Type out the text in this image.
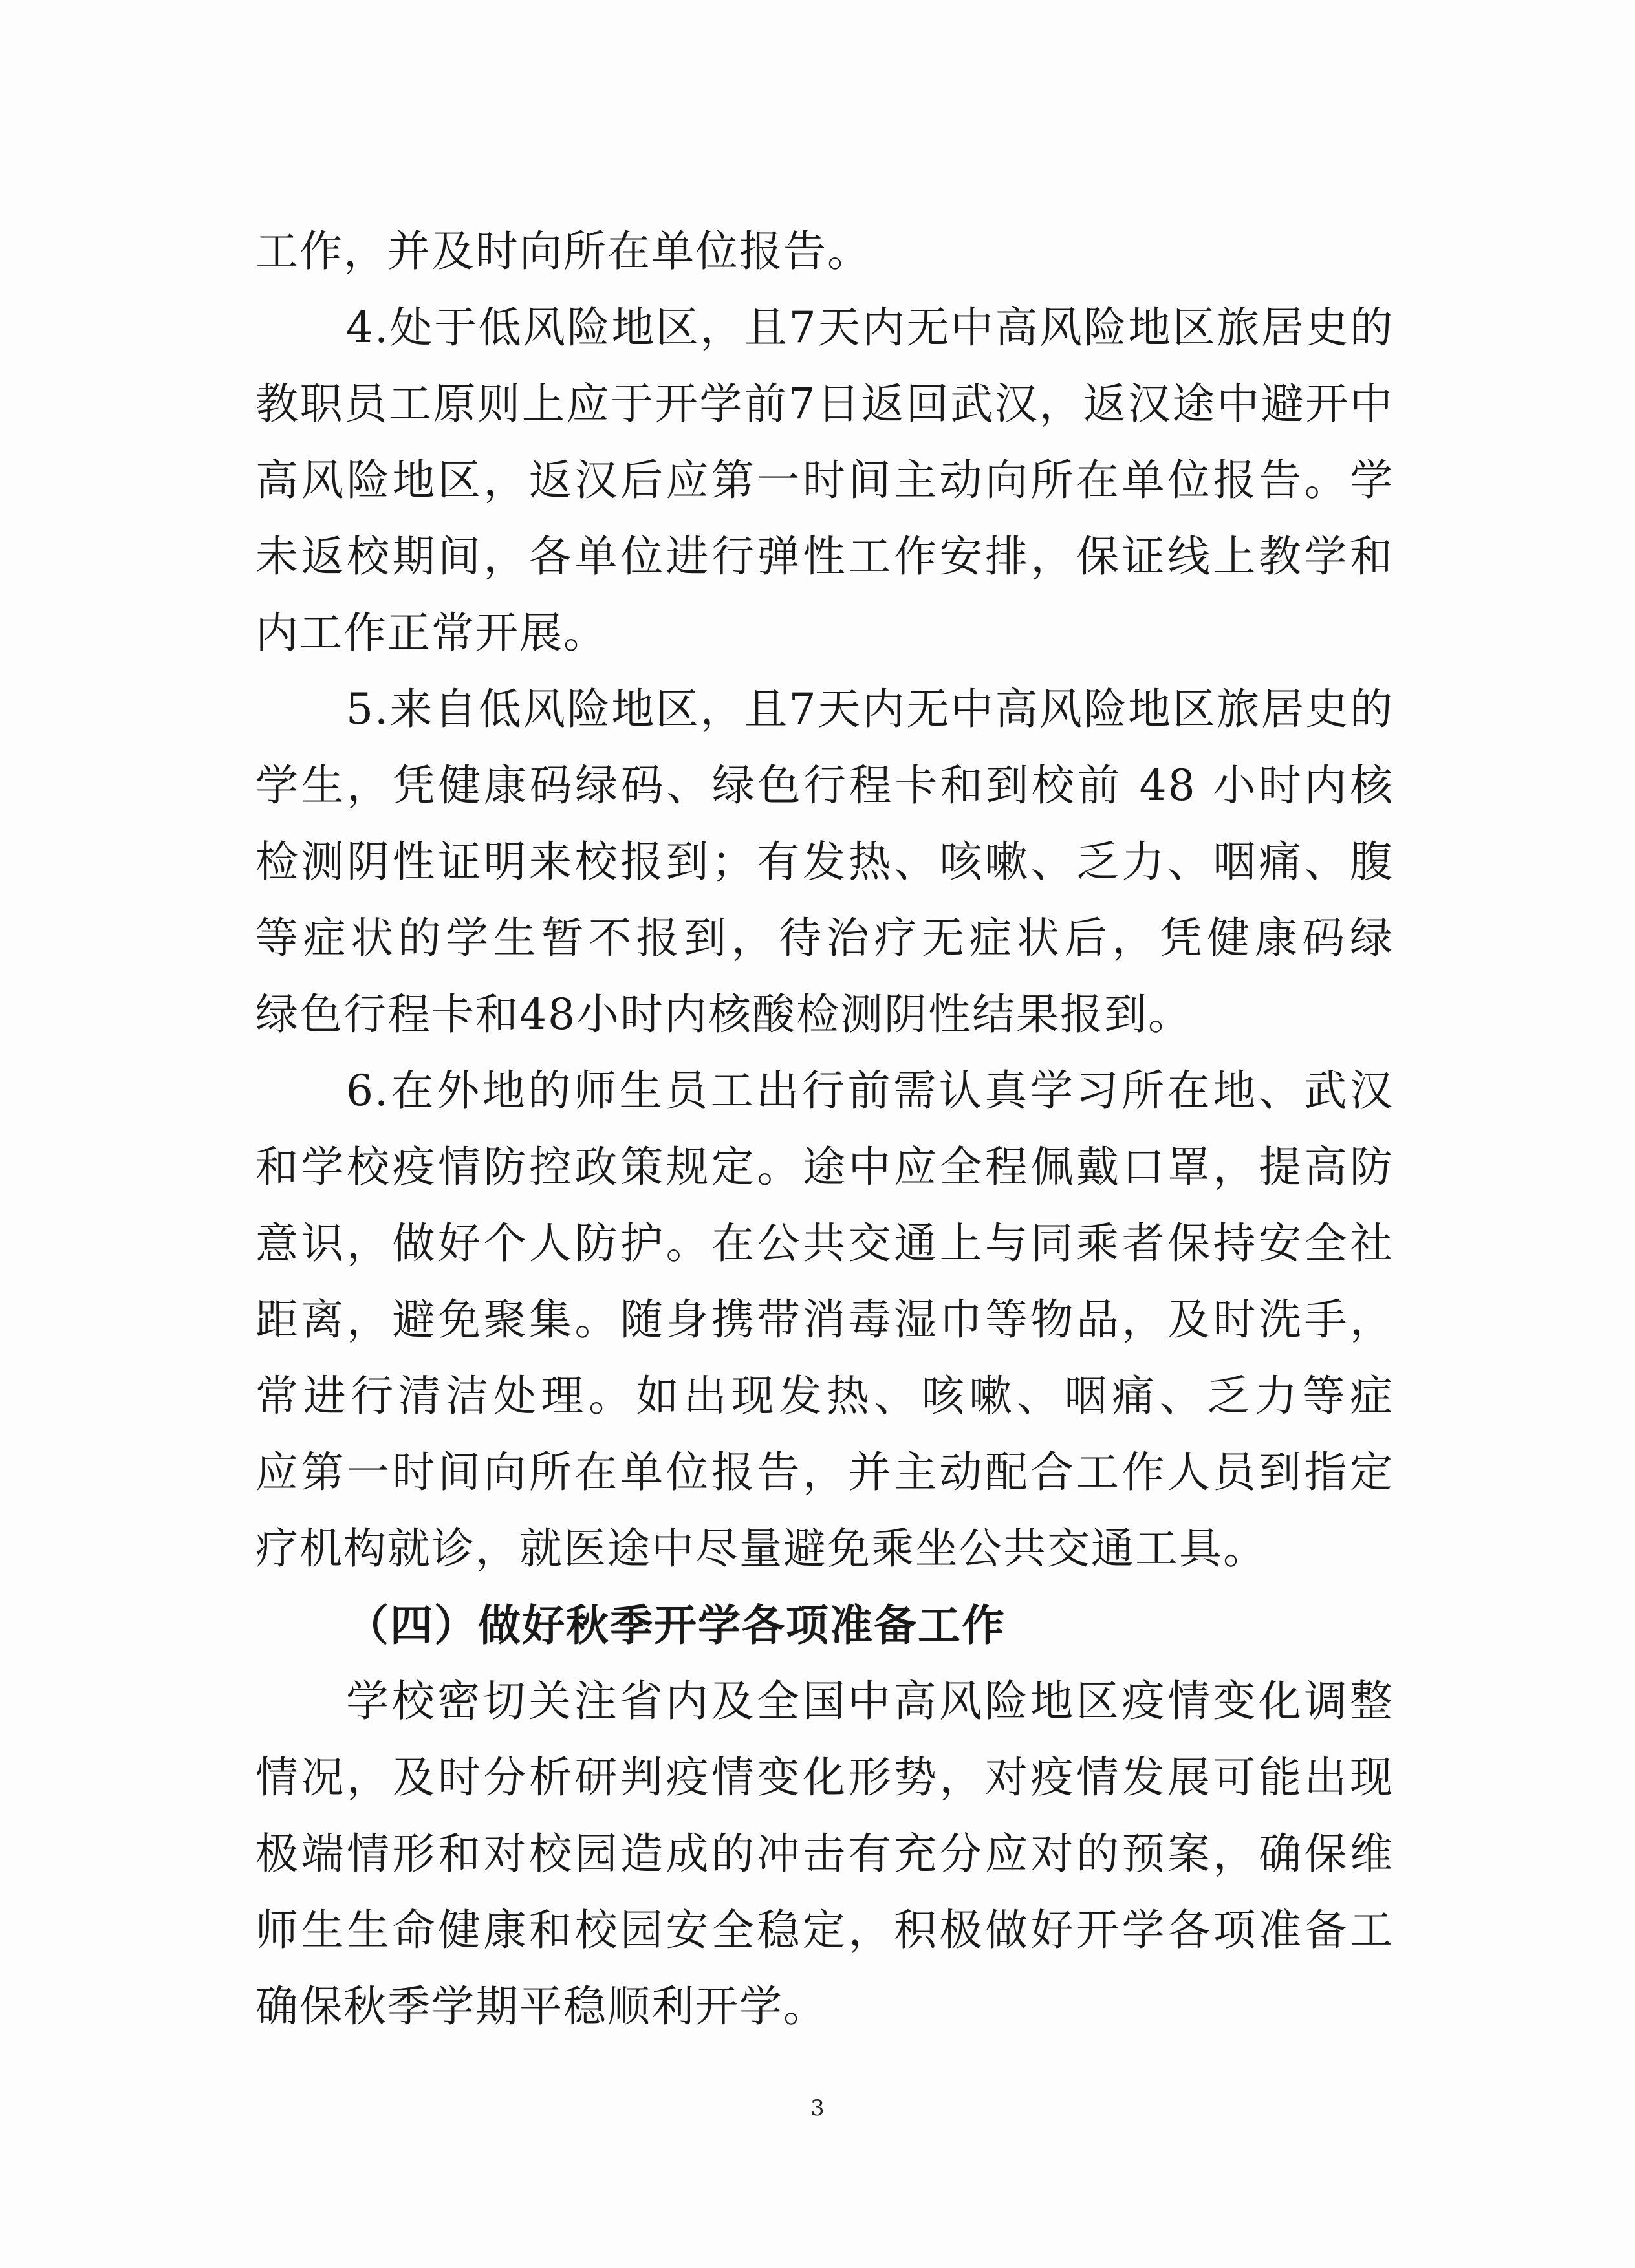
工作，并及时向所在单位报告。
4.处于低风险地区，且7天内无中高风险地区旅居史的
教职员工原则上应于开学前7日返回武汉，返汉途中避开中
高风险地区，返汉后应第一时间主动向所在单位报告。学
未返校期间，各单位进行弹性工作安排，保证线上教学和
内工作正常开展。
5.来自低风险地区，且7天内无中高风险地区旅居史的
学生，凭健康码绿码、绿色行程卡和到校前 48 小时内核
检测阴性证明来校报到；有发热、咳嗽、乏力、咽痛、腹
等症状的学生暂不报到，待治疗无症状后，凭健康码绿
绿色行程卡和48小时内核酸检测阴性结果报到。
6.在外地的师生员工出行前需认真学习所在地、武汉
和学校疫情防控政策规定。途中应全程佩戴口罩，提高防
意识，做好个人防护。在公共交通上与同乘者保持安全社
距离，避免聚集。随身携带消毒湿巾等物品，及时洗手，
常进行清洁处理。如出现发热、咳嗽、咽痛、乏力等症
应第一时间向所在单位报告，并主动配合工作人员到指定
疗机构就诊，就医途中尽量避免乘坐公共交通工具。
（四）做好秋季开学各项准备工作
学校密切关注省内及全国中高风险地区疫情变化调整
情况，及时分析研判疫情变化形势，对疫情发展可能出现
极端情形和对校园造成的冲击有充分应对的预案，确保维
师生生命健康和校园安全稳定，积极做好开学各项准备工
确保秋季学期平稳顺利开学。
3
